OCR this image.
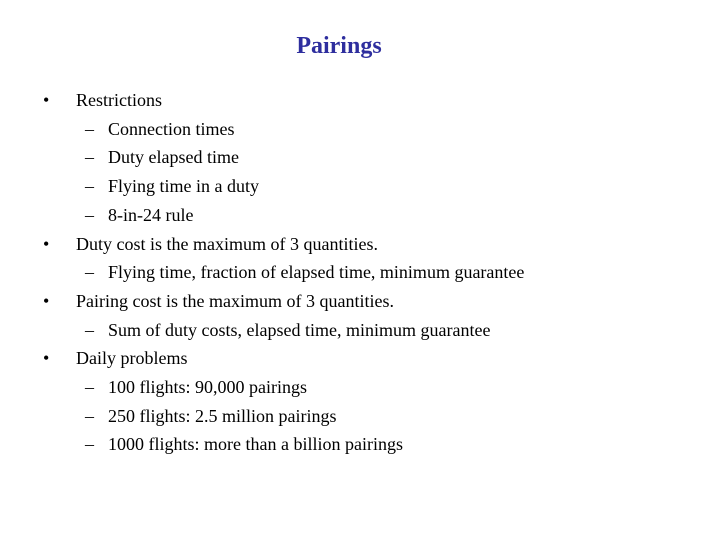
Pairings
• Restrictions
– Connection times
– Duty elapsed time
– Flying time in a duty
– 8-in-24 rule
• Duty cost is the maximum of 3 quantities.
– Flying time, fraction of elapsed time, minimum guarantee
• Pairing cost is the maximum of 3 quantities.
– Sum of duty costs, elapsed time, minimum guarantee
• Daily problems
– 100 flights: 90,000 pairings
– 250 flights: 2.5 million pairings
– 1000 flights: more than a billion pairings
